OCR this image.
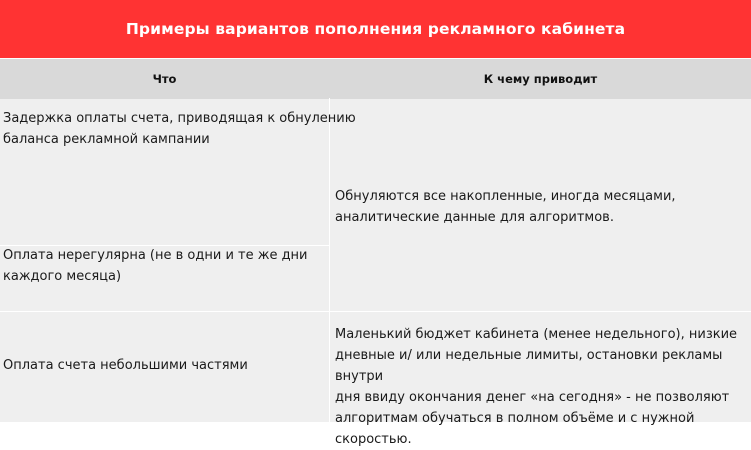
Примеры вариантов пополнения рекламного кабинета
Что	К чему приводит
Задержка оплаты счета, приводящая к обнулению
баланса рекламной кампании
Оплата нерегулярна (не в одни и те же дни
каждого месяца)
Оплата счета небольшими частями
Обнуляются все накопленные, иногда месяцами,
аналитические данные для алгоритмов.
Маленький бюджет кабинета (менее недельного), низкие
дневные и/ или недельные лимиты, остановки рекламы внутри
дня ввиду окончания денег «на сегодня» - не позволяют
алгоритмам обучаться в полном объёме и с нужной скоростью.
